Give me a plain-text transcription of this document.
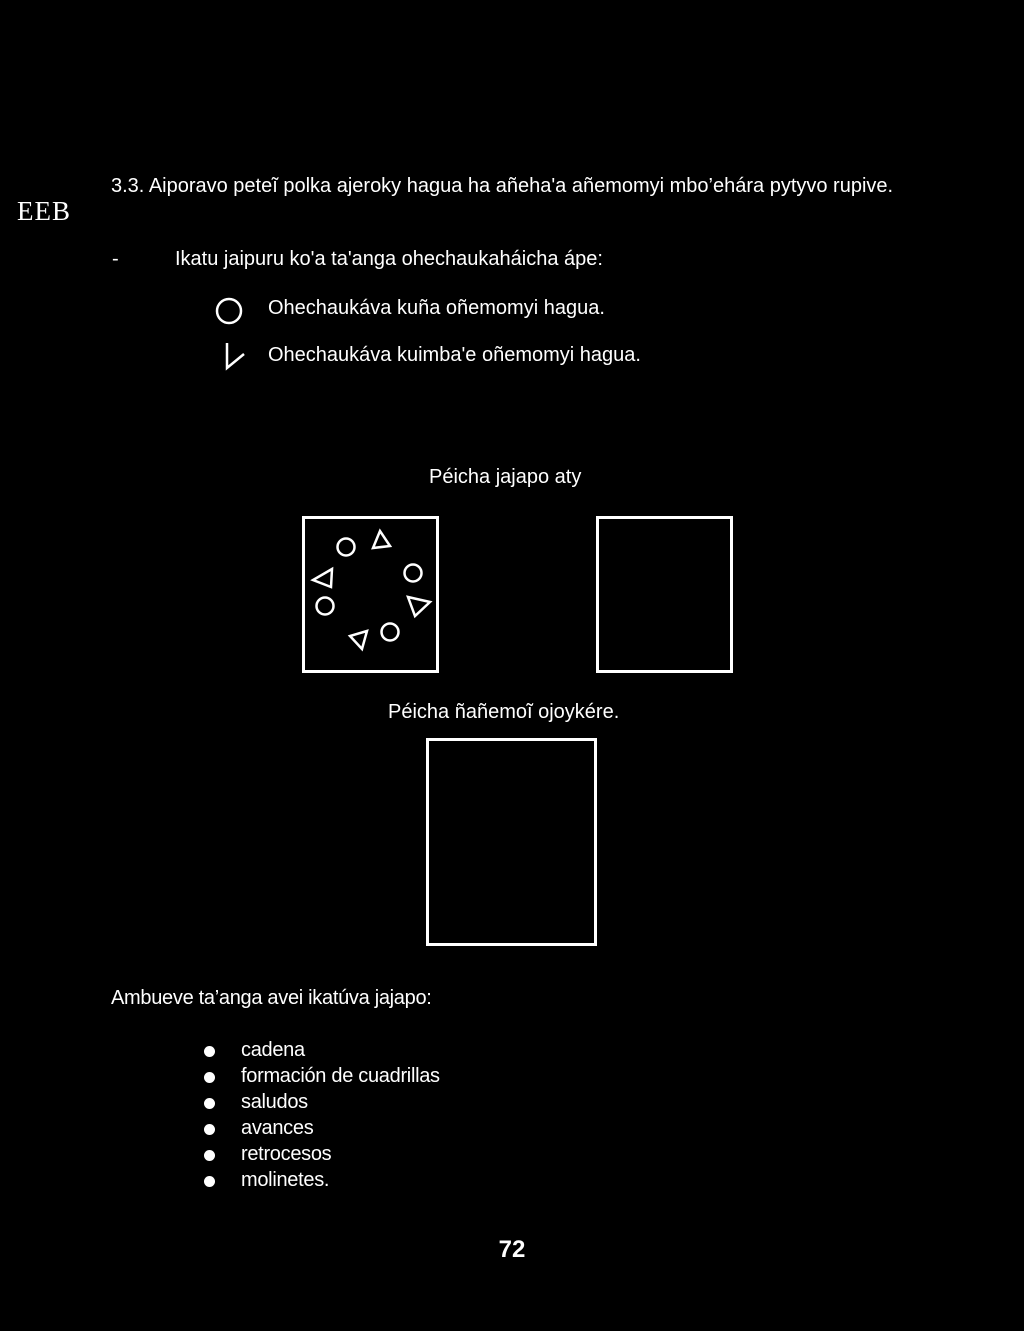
EEB
3.3. Aiporavo peteĩ polka ajeroky hagua ha añeha'a añemomyi mbo’ehára pytyvo rupive.
-	Ikatu jaipuru ko'a ta'anga ohechaukaháicha ápe:
Ohechaukáva kuña oñemomyi hagua.
Ohechaukáva kuimba'e oñemomyi hagua.
Péicha jajapo aty
Péicha ñañemoĩ ojoykére.
Ambueve ta’anga avei ikatúva jajapo:
cadena
formación de cuadrillas
saludos
avances
retrocesos
molinetes.
72
